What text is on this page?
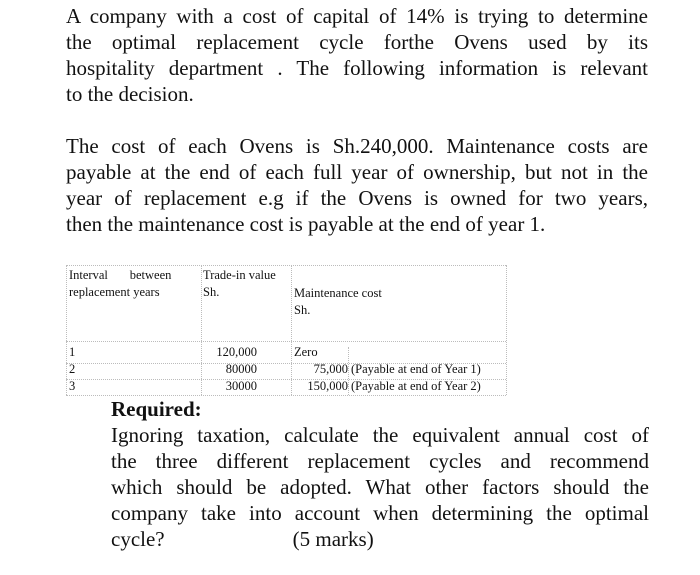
A company with a cost of capital of 14% is trying to determine
the optimal replacement cycle forthe Ovens used by its
hospitality department . The following information is relevant
to the decision.
The cost of each Ovens is Sh.240,000. Maintenance costs are
payable at the end of each full year of ownership, but not in the
year of replacement e.g if the Ovens is owned for two years,
then the maintenance cost is payable at the end of year 1.
Interval       between
replacement years
Trade-in value
Sh.	Maintenance cost
Sh.
1
2
3
120,000
80000
30000
Zero
75,000
150,000
(Payable at end of Year 1)
(Payable at end of Year 2)
Required:
Ignoring taxation, calculate the equivalent annual cost of
the three different replacement cycles and recommend
which should be adopted. What other factors should the
company take into account when determining the optimal
cycle?	(5 marks)
